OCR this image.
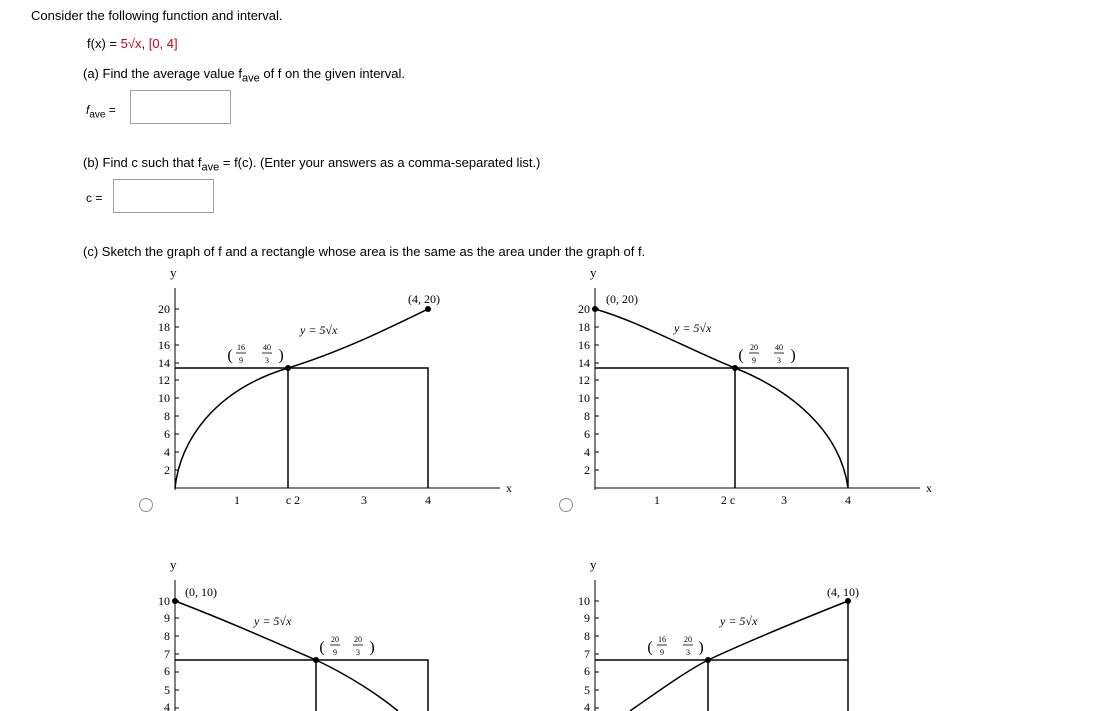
Consider the following function and interval.
f(x) = 5√x, [0, 4]
(a) Find the average value $f_{ave}$ of f on the given interval.
$f_{ave}$ =
(b) Find c such that $f_{ave} = f(c)$. (Enter your answers as a comma-separated list.)
c =
(c) Sketch the graph of f and a rectangle whose area is the same as the area under the graph of f.
y
x
2
4
6
8
10
12
14
16
18
20
1	c 2	3	4
(4, 20)
y = 5√x
( 16
9
40
3 )
y
x
2
4
6
8
10
12
14
16
18
20
1	2 c	3	4
(0, 20)
y = 5√x
( 20
9
40
3 )
y
4
5
6
7
8
9
10
(0, 10)
y = 5√x
( 20
9
20
3 )
y
4
5
6
7
8
9
10
(4, 10)
y = 5√x
( 16
9
20
3 )
